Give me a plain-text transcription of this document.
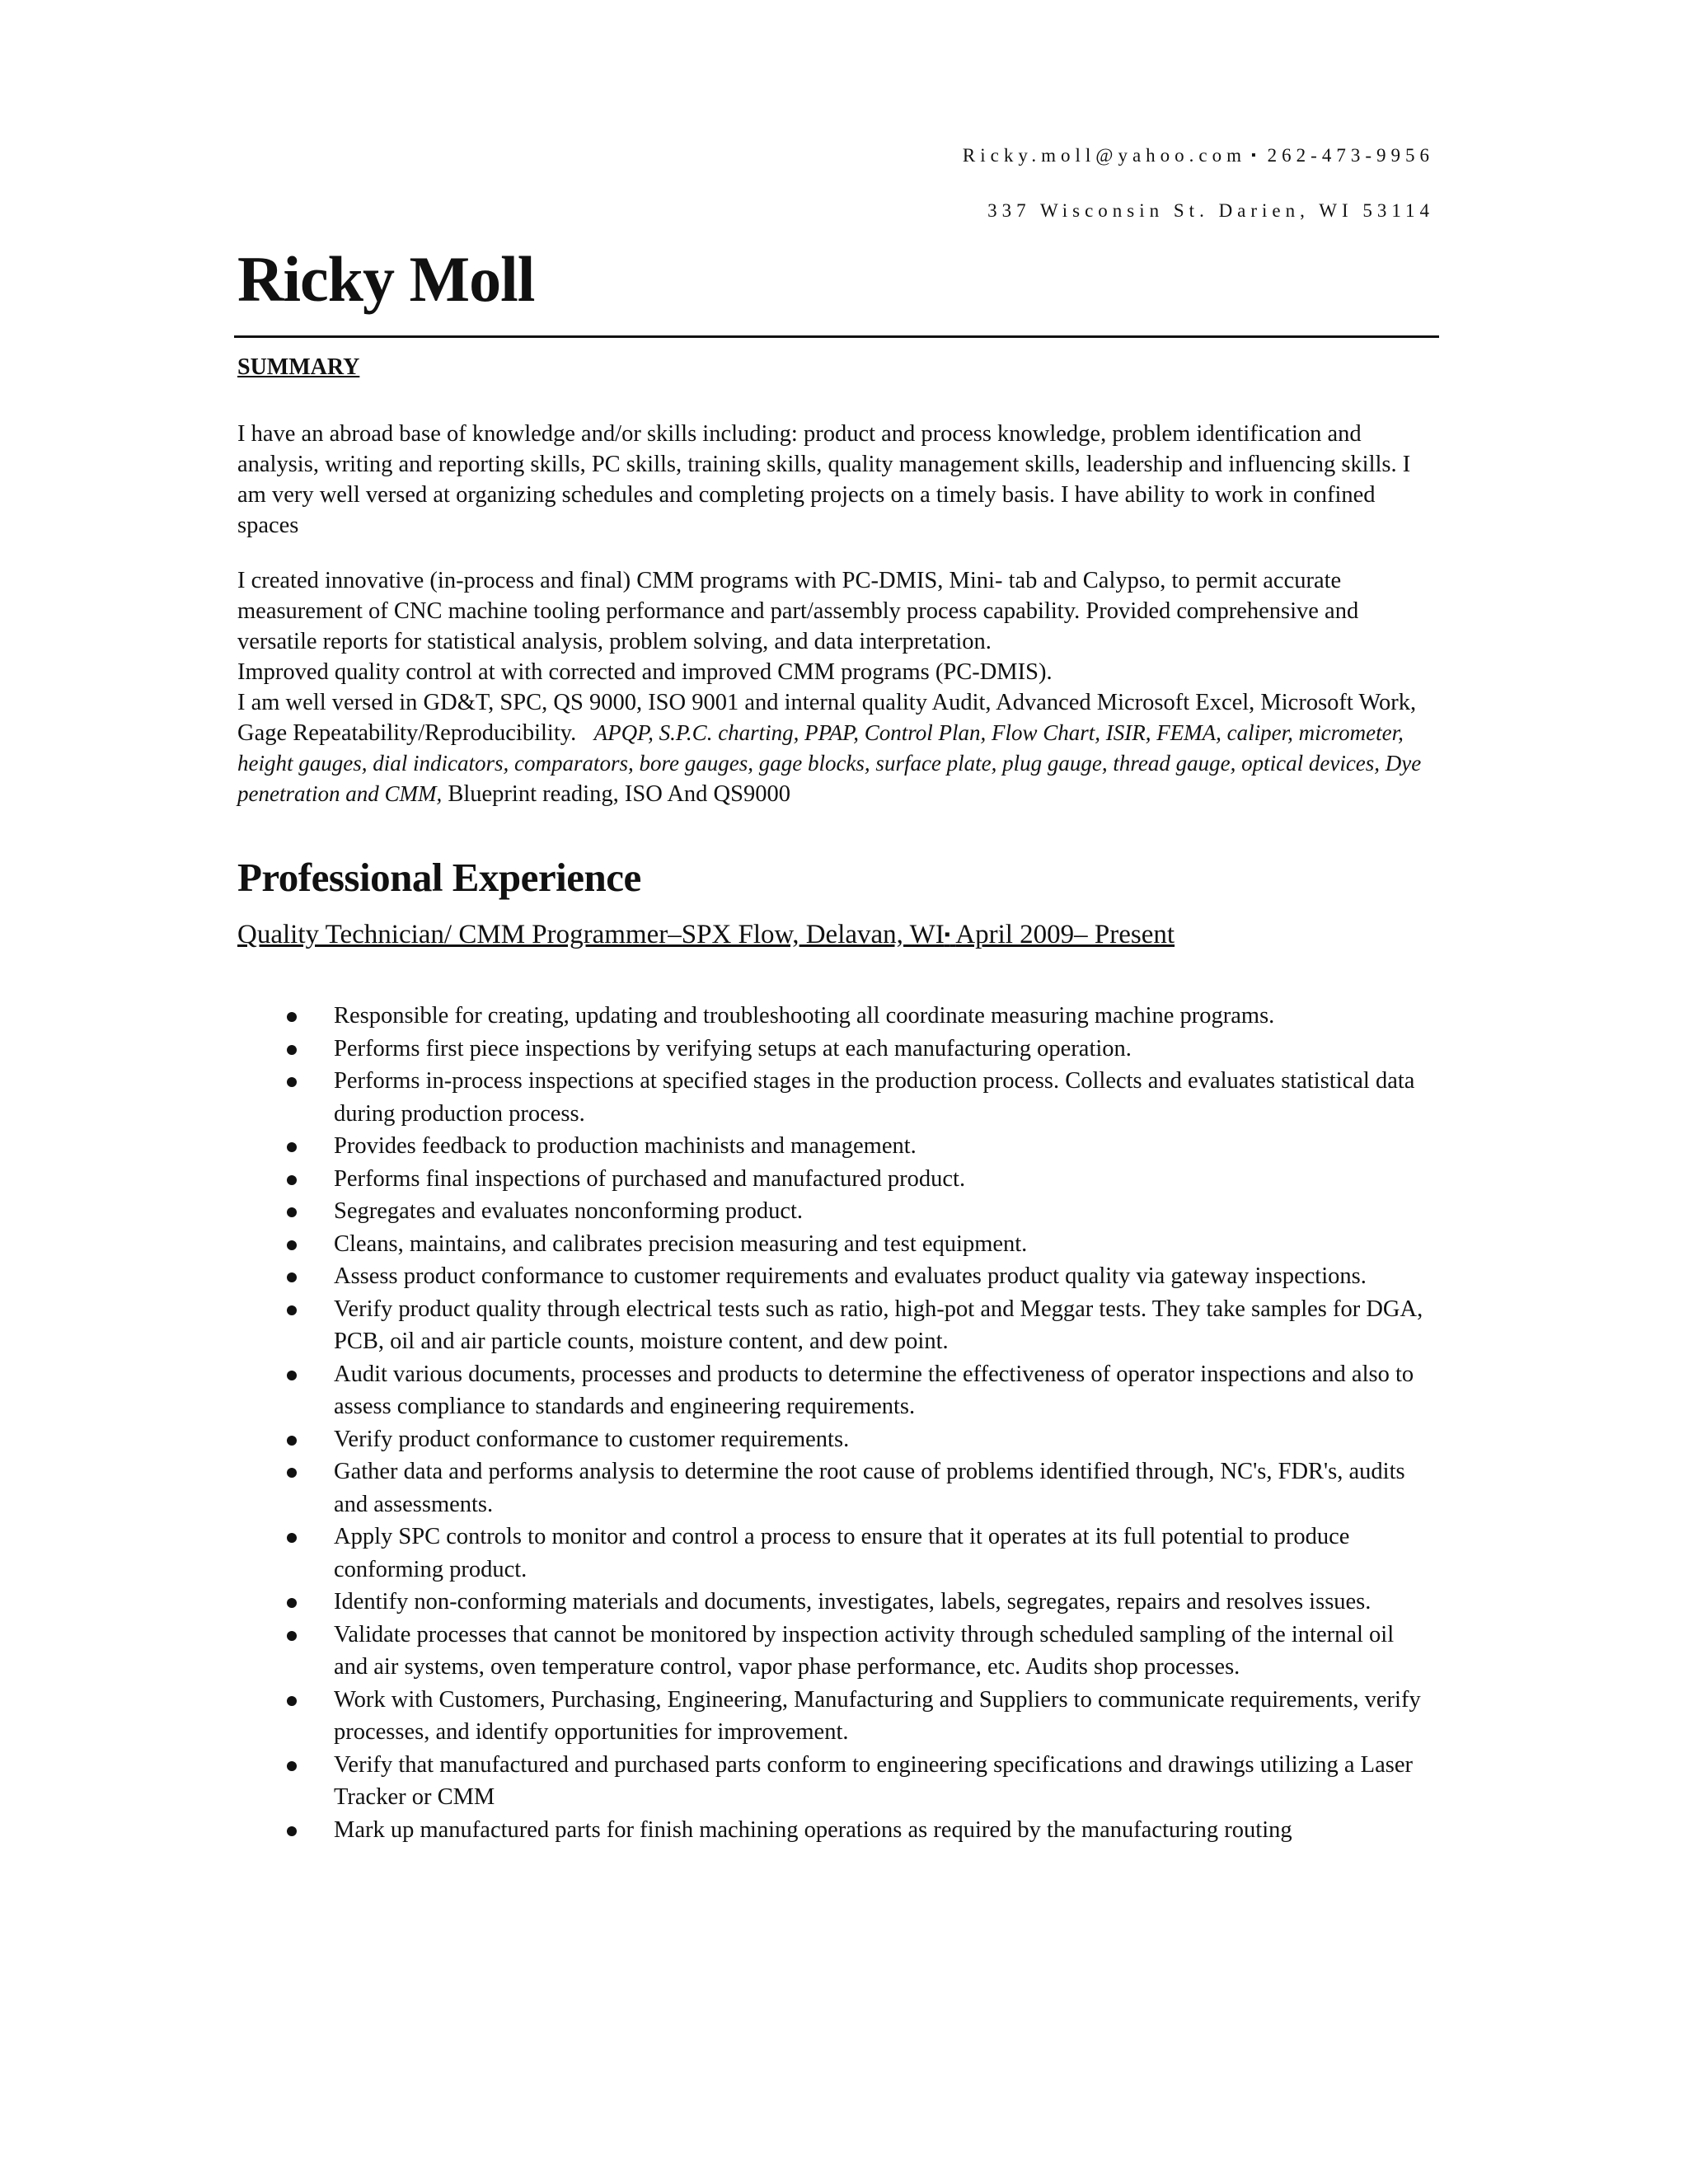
Ricky.moll@yahoo.com ▪ 262-473-9956
337 Wisconsin St. Darien, WI 53114
Ricky Moll
SUMMARY
I have an abroad base of knowledge and/or skills including: product and process knowledge, problem identification and analysis, writing and reporting skills, PC skills, training skills, quality management skills, leadership and influencing skills. I am very well versed at organizing schedules and completing projects on a timely basis. I have ability to work in confined spaces
I created innovative (in-process and final) CMM programs with PC-DMIS, Mini- tab and Calypso, to permit accurate measurement of CNC machine tooling performance and part/assembly process capability. Provided comprehensive and versatile reports for statistical analysis, problem solving, and data interpretation.
Improved quality control at with corrected and improved CMM programs (PC-DMIS).
I am well versed in GD&T, SPC, QS 9000, ISO 9001 and internal quality Audit, Advanced Microsoft Excel, Microsoft Work, Gage Repeatability/Reproducibility. APQP, S.P.C. charting, PPAP, Control Plan, Flow Chart, ISIR, FEMA, caliper, micrometer, height gauges, dial indicators, comparators, bore gauges, gage blocks, surface plate, plug gauge, thread gauge, optical devices, Dye penetration and CMM, Blueprint reading, ISO And QS9000
Professional Experience
Quality Technician/ CMM Programmer–SPX Flow, Delavan, WI▪ April 2009– Present
Responsible for creating, updating and troubleshooting all coordinate measuring machine programs.
Performs first piece inspections by verifying setups at each manufacturing operation.
Performs in-process inspections at specified stages in the production process. Collects and evaluates statistical data during production process.
Provides feedback to production machinists and management.
Performs final inspections of purchased and manufactured product.
Segregates and evaluates nonconforming product.
Cleans, maintains, and calibrates precision measuring and test equipment.
Assess product conformance to customer requirements and evaluates product quality via gateway inspections.
Verify product quality through electrical tests such as ratio, high-pot and Meggar tests. They take samples for DGA, PCB, oil and air particle counts, moisture content, and dew point.
Audit various documents, processes and products to determine the effectiveness of operator inspections and also to assess compliance to standards and engineering requirements.
Verify product conformance to customer requirements.
Gather data and performs analysis to determine the root cause of problems identified through, NC's, FDR's, audits and assessments.
Apply SPC controls to monitor and control a process to ensure that it operates at its full potential to produce conforming product.
Identify non-conforming materials and documents, investigates, labels, segregates, repairs and resolves issues.
Validate processes that cannot be monitored by inspection activity through scheduled sampling of the internal oil and air systems, oven temperature control, vapor phase performance, etc. Audits shop processes.
Work with Customers, Purchasing, Engineering, Manufacturing and Suppliers to communicate requirements, verify processes, and identify opportunities for improvement.
Verify that manufactured and purchased parts conform to engineering specifications and drawings utilizing a Laser Tracker or CMM
Mark up manufactured parts for finish machining operations as required by the manufacturing routing
